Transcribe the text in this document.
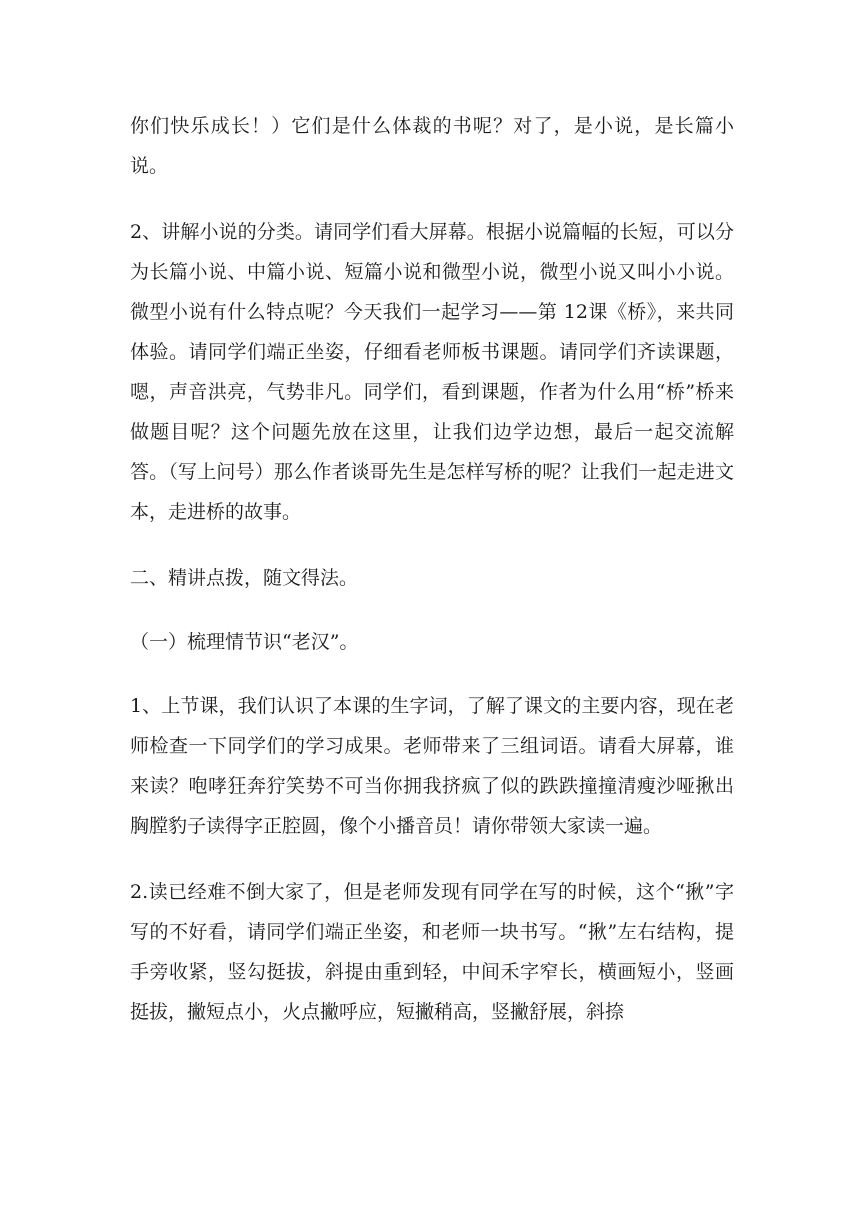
你们快乐成长！）它们是什么体裁的书呢？对了，是小说，是长篇小说。

2、讲解小说的分类。请同学们看大屏幕。根据小说篇幅的长短，可以分为长篇小说、中篇小说、短篇小说和微型小说，微型小说又叫小小说。微型小说有什么特点呢？今天我们一起学习——第 12课《桥》，来共同体验。请同学们端正坐姿，仔细看老师板书课题。请同学们齐读课题，嗯，声音洪亮，气势非凡。同学们，看到课题，作者为什么用“桥”桥来做题目呢？这个问题先放在这里，让我们边学边想，最后一起交流解答。（写上问号）那么作者谈哥先生是怎样写桥的呢？让我们一起走进文本，走进桥的故事。

二、精讲点拨，随文得法。

（一）梳理情节识“老汉”。

1、上节课，我们认识了本课的生字词，了解了课文的主要内容，现在老师检查一下同学们的学习成果。老师带来了三组词语。请看大屏幕，谁来读？咆哮狂奔狞笑势不可当你拥我挤疯了似的跌跌撞撞清瘦沙哑揪出胸膛豹子读得字正腔圆，像个小播音员！请你带领大家读一遍。

2.读已经难不倒大家了，但是老师发现有同学在写的时候，这个“揪”字写的不好看，请同学们端正坐姿，和老师一块书写。“揪”左右结构，提手旁收紧，竖勾挺拔，斜提由重到轻，中间禾字窄长，横画短小，竖画挺拔，撇短点小，火点撇呼应，短撇稍高，竖撇舒展，斜捺
